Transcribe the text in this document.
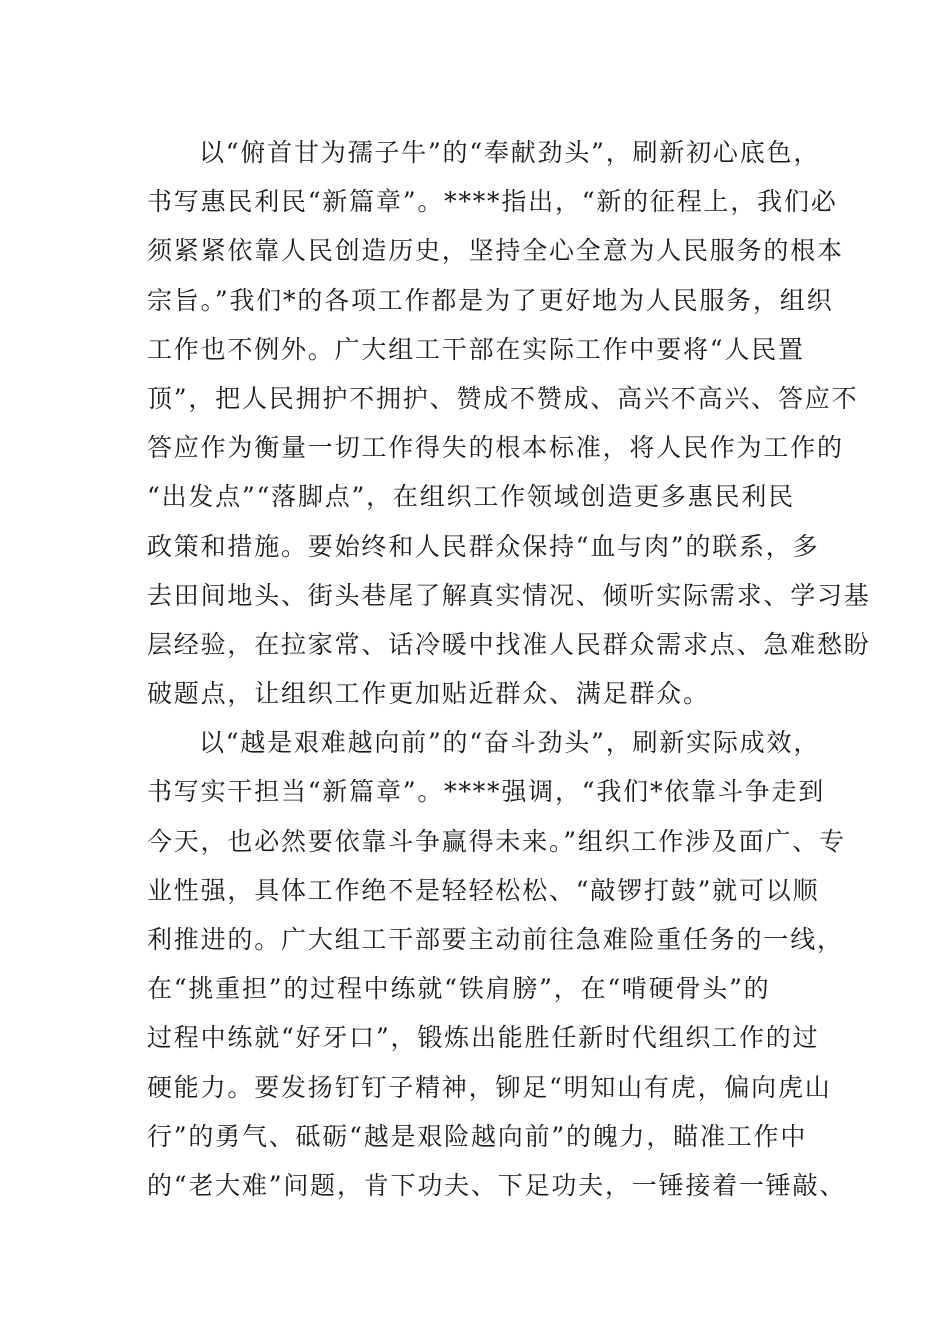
以“俯首甘为孺子牛”的“奉献劲头”，刷新初心底色，
书写惠民利民“新篇章”。****指出，“新的征程上，我们必
须紧紧依靠人民创造历史，坚持全心全意为人民服务的根本
宗旨。”我们*的各项工作都是为了更好地为人民服务，组织
工作也不例外。广大组工干部在实际工作中要将“人民置
顶”，把人民拥护不拥护、赞成不赞成、高兴不高兴、答应不
答应作为衡量一切工作得失的根本标准，将人民作为工作的
“出发点”“落脚点”，在组织工作领域创造更多惠民利民
政策和措施。要始终和人民群众保持“血与肉”的联系，多
去田间地头、街头巷尾了解真实情况、倾听实际需求、学习基
层经验，在拉家常、话冷暖中找准人民群众需求点、急难愁盼
破题点，让组织工作更加贴近群众、满足群众。
以“越是艰难越向前”的“奋斗劲头”，刷新实际成效，
书写实干担当“新篇章”。****强调，“我们*依靠斗争走到
今天，也必然要依靠斗争赢得未来。”组织工作涉及面广、专
业性强，具体工作绝不是轻轻松松、“敲锣打鼓”就可以顺
利推进的。广大组工干部要主动前往急难险重任务的一线，
在“挑重担”的过程中练就“铁肩膀”，在“啃硬骨头”的
过程中练就“好牙口”，锻炼出能胜任新时代组织工作的过
硬能力。要发扬钉钉子精神，铆足“明知山有虎，偏向虎山
行”的勇气、砥砺“越是艰险越向前”的魄力，瞄准工作中
的“老大难”问题，肯下功夫、下足功夫，一锤接着一锤敲、
